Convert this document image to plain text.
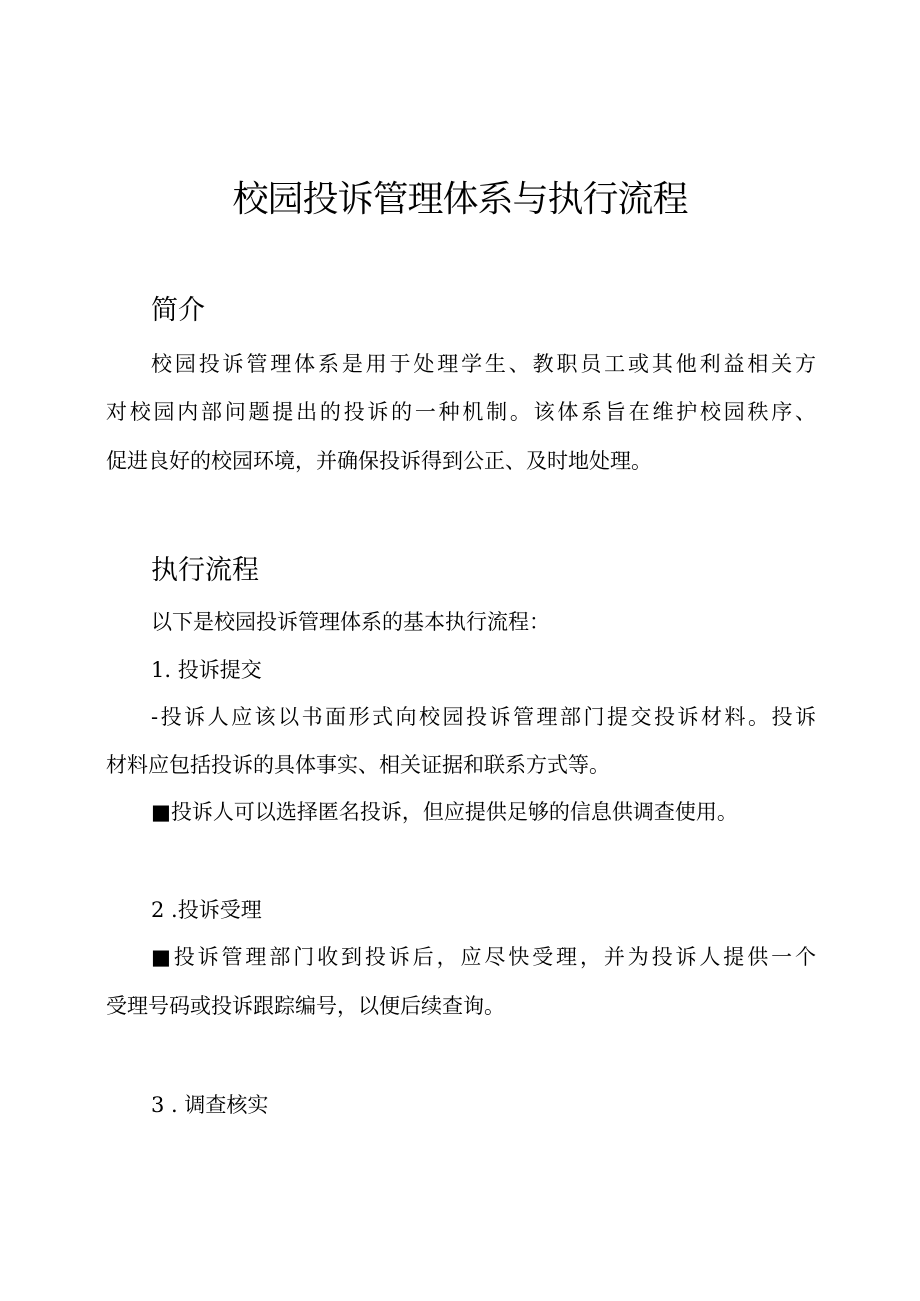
校园投诉管理体系与执行流程
简介

校园投诉管理体系是用于处理学生、教职员工或其他利益相关方

对校园内部问题提出的投诉的一种机制。该体系旨在维护校园秩序、

促进良好的校园环境，并确保投诉得到公正、及时地处理。

执行流程

以下是校园投诉管理体系的基本执行流程：

1. 投诉提交

-投诉人应该以书面形式向校园投诉管理部门提交投诉材料。投诉

材料应包括投诉的具体事实、相关证据和联系方式等。

■投诉人可以选择匿名投诉，但应提供足够的信息供调查使用。

2 .投诉受理

■投诉管理部门收到投诉后，应尽快受理，并为投诉人提供一个

受理号码或投诉跟踪编号，以便后续查询。

3 . 调查核实
